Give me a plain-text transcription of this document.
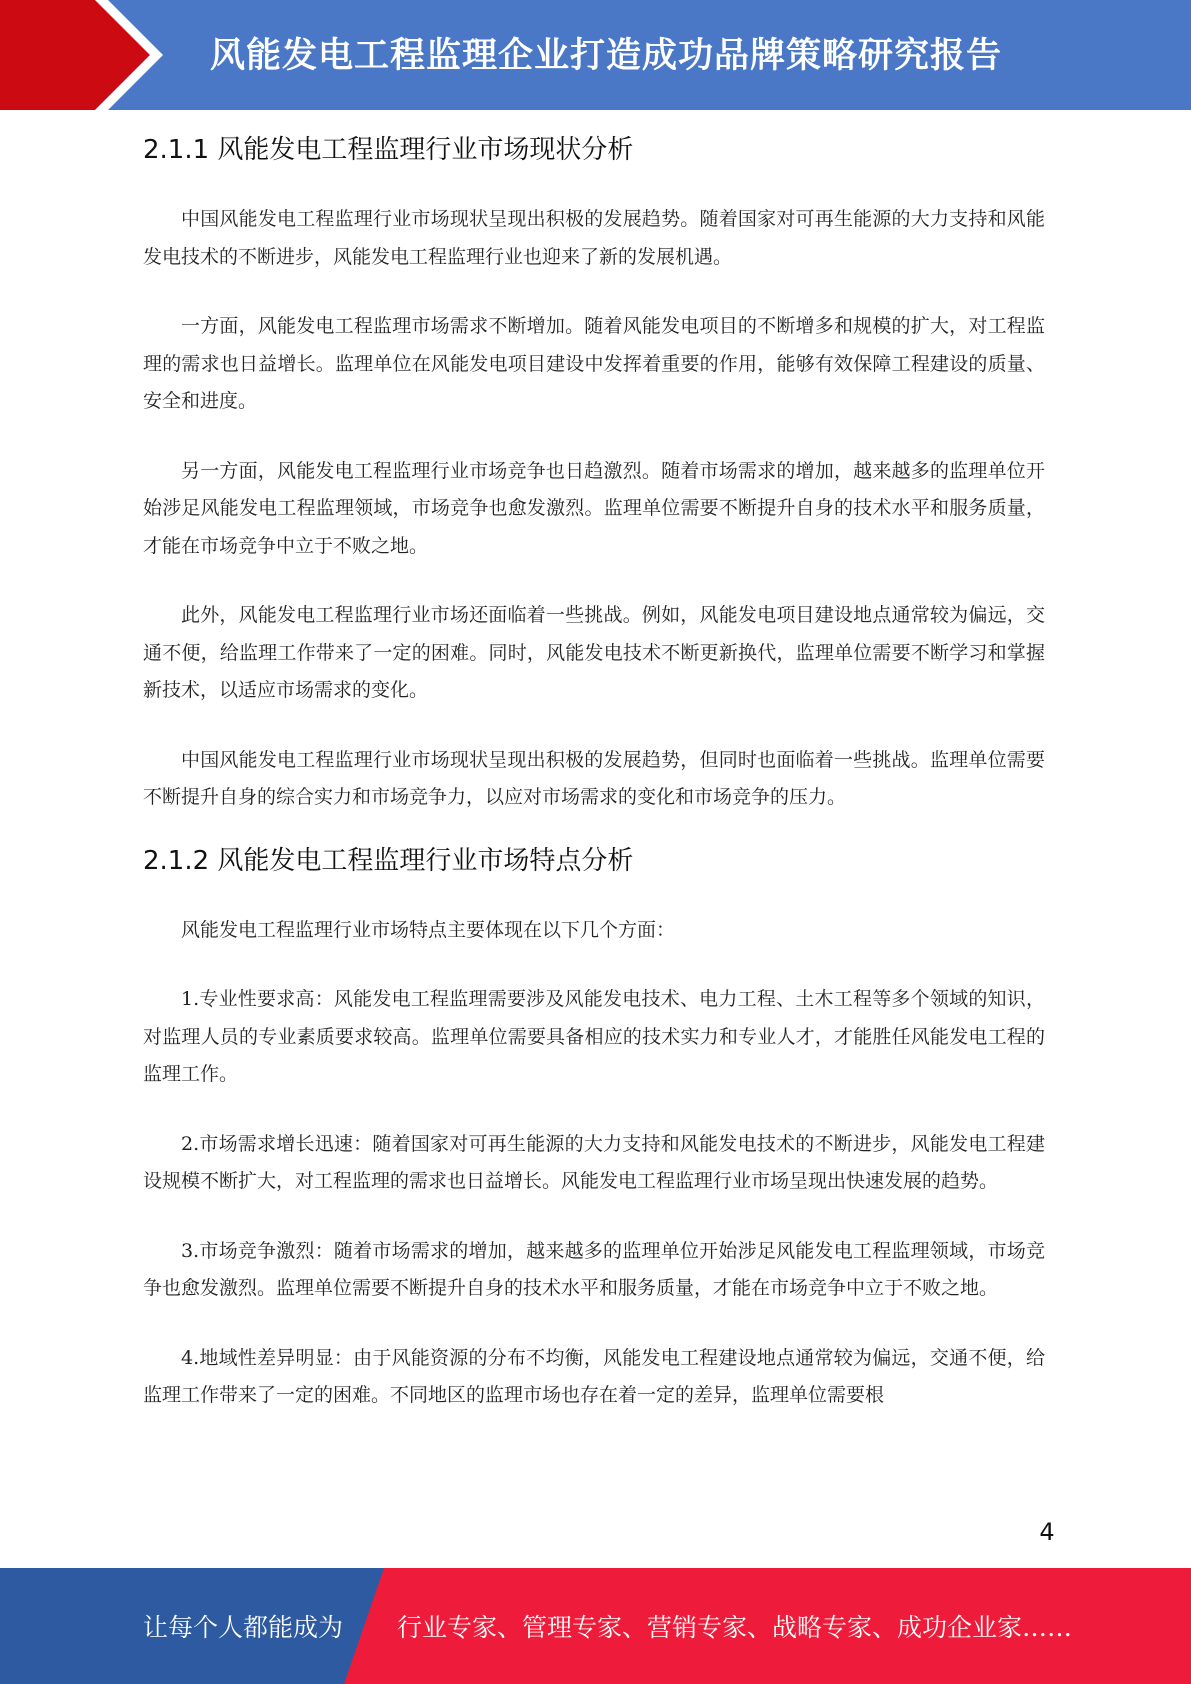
风能发电工程监理企业打造成功品牌策略研究报告
2.1.1 风能发电工程监理行业市场现状分析

中国风能发电工程监理行业市场现状呈现出积极的发展趋势。随着国家对可再生能源的大力支持和风能发电技术的不断进步，风能发电工程监理行业也迎来了新的发展机遇。

一方面，风能发电工程监理市场需求不断增加。随着风能发电项目的不断增多和规模的扩大，对工程监理的需求也日益增长。监理单位在风能发电项目建设中发挥着重要的作用，能够有效保障工程建设的质量、安全和进度。

另一方面，风能发电工程监理行业市场竞争也日趋激烈。随着市场需求的增加，越来越多的监理单位开始涉足风能发电工程监理领域，市场竞争也愈发激烈。监理单位需要不断提升自身的技术水平和服务质量，才能在市场竞争中立于不败之地。

此外，风能发电工程监理行业市场还面临着一些挑战。例如，风能发电项目建设地点通常较为偏远，交通不便，给监理工作带来了一定的困难。同时，风能发电技术不断更新换代，监理单位需要不断学习和掌握新技术，以适应市场需求的变化。

中国风能发电工程监理行业市场现状呈现出积极的发展趋势，但同时也面临着一些挑战。监理单位需要不断提升自身的综合实力和市场竞争力，以应对市场需求的变化和市场竞争的压力。

2.1.2 风能发电工程监理行业市场特点分析

风能发电工程监理行业市场特点主要体现在以下几个方面：

1.专业性要求高：风能发电工程监理需要涉及风能发电技术、电力工程、土木工程等多个领域的知识，对监理人员的专业素质要求较高。监理单位需要具备相应的技术实力和专业人才，才能胜任风能发电工程的监理工作。

2.市场需求增长迅速：随着国家对可再生能源的大力支持和风能发电技术的不断进步，风能发电工程建设规模不断扩大，对工程监理的需求也日益增长。风能发电工程监理行业市场呈现出快速发展的趋势。

3.市场竞争激烈：随着市场需求的增加，越来越多的监理单位开始涉足风能发电工程监理领域，市场竞争也愈发激烈。监理单位需要不断提升自身的技术水平和服务质量，才能在市场竞争中立于不败之地。

4.地域性差异明显：由于风能资源的分布不均衡，风能发电工程建设地点通常较为偏远，交通不便，给监理工作带来了一定的困难。不同地区的监理市场也存在着一定的差异，监理单位需要根

4
让每个人都能成为 行业专家、管理专家、营销专家、战略专家、成功企业家……
